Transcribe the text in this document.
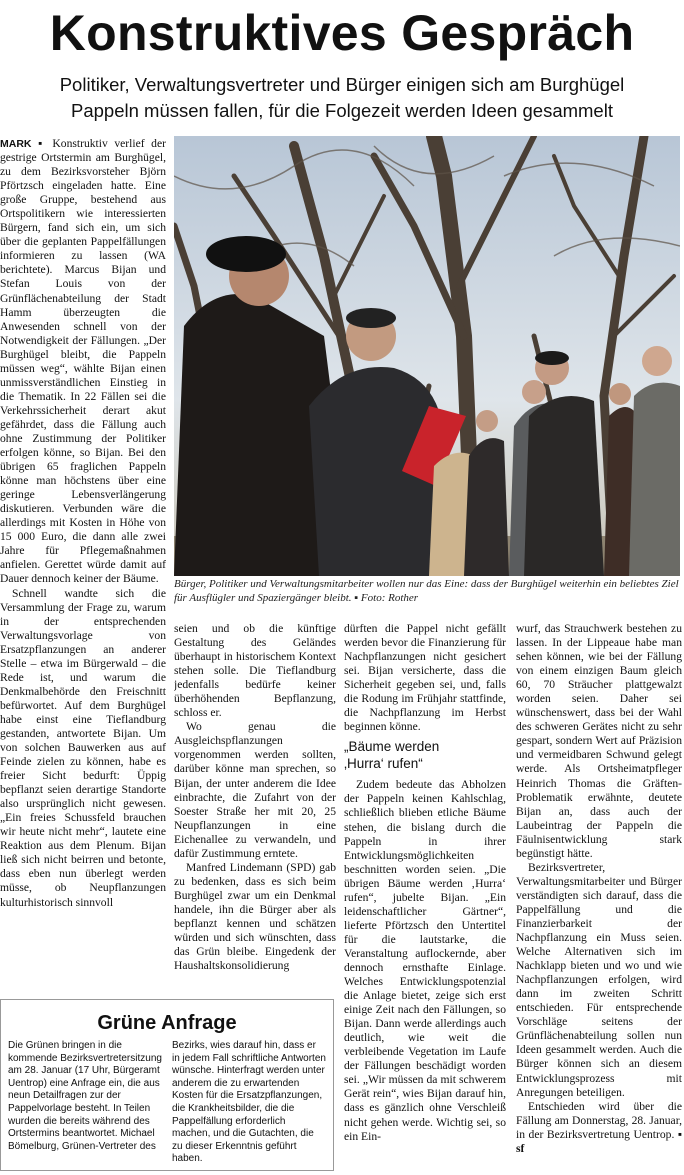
Konstruktives Gespräch
Politiker, Verwaltungsvertreter und Bürger einigen sich am Burghügel
Pappeln müssen fallen, für die Folgezeit werden Ideen gesammelt

MARK ▪ Konstruktiv verlief der gestrige Ortstermin am Burghügel, zu dem Bezirksvorsteher Björn Pförtzsch eingeladen hatte. Eine große Gruppe, bestehend aus Ortspolitikern wie interessierten Bürgern, fand sich ein, um sich über die geplanten Pappelfällungen informieren zu lassen (WA berichtete). Marcus Bijan und Stefan Louis von der Grünflächenabteilung der Stadt Hamm überzeugten die Anwesenden schnell von der Notwendigkeit der Fällungen. „Der Burghügel bleibt, die Pappeln müssen weg“, wählte Bijan einen unmissverständlichen Einstieg in die Thematik. In 22 Fällen sei die Verkehrssicherheit derart akut gefährdet, dass die Fällung auch ohne Zustimmung der Politiker erfolgen könne, so Bijan. Bei den übrigen 65 fraglichen Pappeln könne man höchstens über eine geringe Lebensverlängerung diskutieren. Verbunden wäre die allerdings mit Kosten in Höhe von 15 000 Euro, die dann alle zwei Jahre für Pflegemaßnahmen anfielen. Gerettet würde damit auf Dauer dennoch keiner der Bäume.

Schnell wandte sich die Versammlung der Frage zu, warum in der entsprechenden Verwaltungsvorlage von Ersatzpflanzungen an anderer Stelle – etwa im Bürgerwald – die Rede ist, und warum die Denkmalbehörde den Freischnitt befürwortet. Auf dem Burghügel habe einst eine Tieflandburg gestanden, antwortete Bijan. Um von solchen Bauwerken aus auf Feinde zielen zu können, habe es freier Sicht bedurft: Üppig bepflanzt seien derartige Standorte also ursprünglich nicht gewesen. „Ein freies Schussfeld brauchen wir heute nicht mehr“, lautete eine Reaktion aus dem Plenum. Bijan ließ sich nicht beirren und betonte, dass eben nun überlegt werden müsse, ob Neupflanzungen kulturhistorisch sinnvoll

Bürger, Politiker und Verwaltungsmitarbeiter wollen nur das Eine: dass der Burghügel weiterhin ein beliebtes Ziel für Ausflügler und Spaziergänger bleibt. ▪ Foto: Rother

seien und ob die künftige Gestaltung des Geländes überhaupt in historischem Kontext stehen solle. Die Tieflandburg jedenfalls bedürfe keiner überhöhenden Bepflanzung, schloss er.

Wo genau die Ausgleichspflanzungen vorgenommen werden sollten, darüber könne man sprechen, so Bijan, der unter anderem die Idee einbrachte, die Zufahrt von der Soester Straße her mit 20, 25 Neupflanzungen in eine Eichenallee zu verwandeln, und dafür Zustimmung erntete.

Manfred Lindemann (SPD) gab zu bedenken, dass es sich beim Burghügel zwar um ein Denkmal handele, ihn die Bürger aber als bepflanzt kennen und schätzen würden und sich wünschten, dass das Grün bleibe. Eingedenk der Haushaltskonsolidierung

dürften die Pappel nicht gefällt werden bevor die Finanzierung für Nachpflanzungen nicht gesichert sei. Bijan versicherte, dass die Sicherheit gegeben sei, und, falls die Rodung im Frühjahr stattfinde, die Nachpflanzung im Herbst beginnen könne.

„Bäume werden
‚Hurra‘ rufen“

Zudem bedeute das Abholzen der Pappeln keinen Kahlschlag, schließlich blieben etliche Bäume stehen, die bislang durch die Pappeln in ihrer Entwicklungsmöglichkeiten beschnitten worden seien. „Die übrigen Bäume werden ‚Hurra‘ rufen“, jubelte Bijan. „Ein leidenschaftlicher Gärtner“, lieferte Pförtzsch den Untertitel für die lautstarke, die Veranstaltung auflockernde, aber dennoch ernsthafte Einlage. Welches Entwicklungspotenzial die Anlage bietet, zeige sich erst einige Zeit nach den Fällungen, so Bijan. Dann werde allerdings auch deutlich, wie weit die verbleibende Vegetation im Laufe der Fällungen beschädigt worden sei. „Wir müssen da mit schwerem Gerät rein“, wies Bijan darauf hin, dass es gänzlich ohne Verschleiß nicht gehen werde. Wichtig sei, so ein Ein-

wurf, das Strauchwerk bestehen zu lassen. In der Lippeaue habe man sehen können, wie bei der Fällung von einem einzigen Baum gleich 60, 70 Sträucher plattgewalzt worden seien. Daher sei wünschenswert, dass bei der Wahl des schweren Gerätes nicht zu sehr gespart, sondern Wert auf Präzision und vermeidbaren Schwund gelegt werde. Als Ortsheimatpfleger Heinrich Thomas die Gräften-Problematik erwähnte, deutete Bijan an, dass auch der Laubeintrag der Pappeln die Fäulnisentwicklung stark begünstigt hätte.

Bezirksvertreter, Verwaltungsmitarbeiter und Bürger verständigten sich darauf, dass die Pappelfällung und die Finanzierbarkeit der Nachpflanzung ein Muss seien. Welche Alternativen sich im Nachklapp bieten und wo und wie Nachpflanzungen erfolgen, wird dann im zweiten Schritt entschieden. Für entsprechende Vorschläge seitens der Grünflächenabteilung sollen nun Ideen gesammelt werden. Auch die Bürger können sich an diesem Entwicklungsprozess mit Anregungen beteiligen.

Entschieden wird über die Fällung am Donnerstag, 28. Januar, in der Bezirksvertretung Uentrop. ▪ sf

Grüne Anfrage
Die Grünen bringen in die kommende Bezirksvertretersitzung am 28. Januar (17 Uhr, Bürgeramt Uentrop) eine Anfrage ein, die aus neun Detailfragen zur der Pappelvorlage besteht. In Teilen wurden die bereits während des Ortstermins beantwortet. Michael Bömelburg, Grünen-Vertreter des
Bezirks, wies darauf hin, dass er in jedem Fall schriftliche Antworten wünsche. Hinterfragt werden unter anderem die zu erwartenden Kosten für die Ersatzpflanzungen, die Krankheitsbilder, die die Pappelfällung erforderlich machen, und die Gutachten, die zu dieser Erkenntnis geführt haben.
